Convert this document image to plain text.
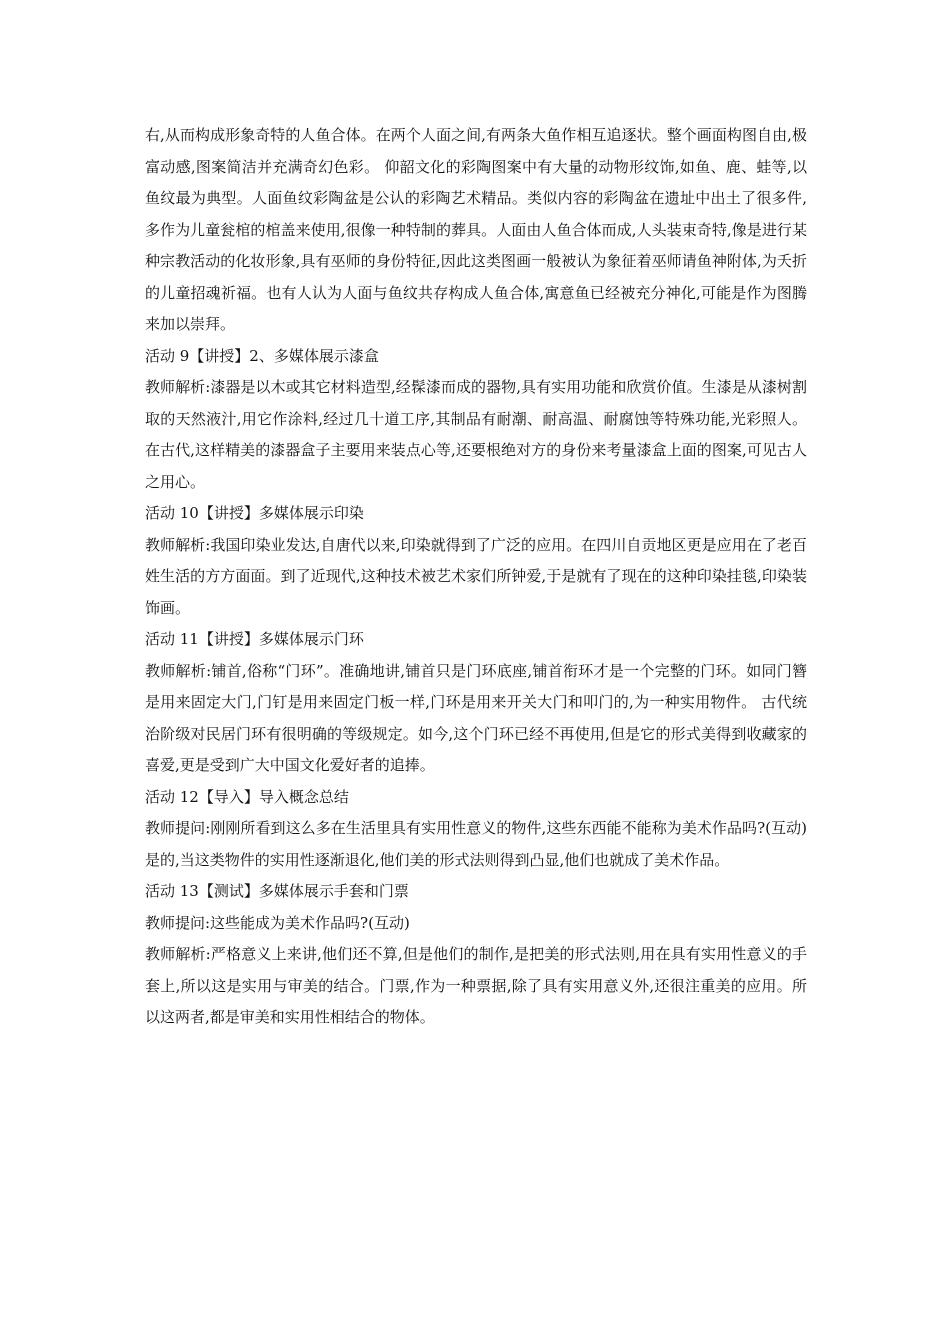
右,从而构成形象奇特的人鱼合体。在两个人面之间,有两条大鱼作相互追逐状。整个画面构图自由,极富动感,图案简洁并充满奇幻色彩。 仰韶文化的彩陶图案中有大量的动物形纹饰,如鱼、鹿、蛙等,以鱼纹最为典型。人面鱼纹彩陶盆是公认的彩陶艺术精品。类似内容的彩陶盆在遗址中出土了很多件,多作为儿童瓮棺的棺盖来使用,很像一种特制的葬具。人面由人鱼合体而成,人头装束奇特,像是进行某种宗教活动的化妆形象,具有巫师的身份特征,因此这类图画一般被认为象征着巫师请鱼神附体,为夭折的儿童招魂祈福。也有人认为人面与鱼纹共存构成人鱼合体,寓意鱼已经被充分神化,可能是作为图腾来加以崇拜。

活动 9【讲授】2、多媒体展示漆盒

教师解析:漆器是以木或其它材料造型,经髹漆而成的器物,具有实用功能和欣赏价值。生漆是从漆树割取的天然液汁,用它作涂料,经过几十道工序,其制品有耐潮、耐高温、耐腐蚀等特殊功能,光彩照人。在古代,这样精美的漆器盒子主要用来装点心等,还要根绝对方的身份来考量漆盒上面的图案,可见古人之用心。

活动 10【讲授】多媒体展示印染

教师解析:我国印染业发达,自唐代以来,印染就得到了广泛的应用。在四川自贡地区更是应用在了老百姓生活的方方面面。到了近现代,这种技术被艺术家们所钟爱,于是就有了现在的这种印染挂毯,印染装饰画。

活动 11【讲授】多媒体展示门环

教师解析:铺首,俗称“门环”。准确地讲,铺首只是门环底座,铺首衔环才是一个完整的门环。如同门簪是用来固定大门,门钉是用来固定门板一样,门环是用来开关大门和叩门的,为一种实用物件。 古代统治阶级对民居门环有很明确的等级规定。如今,这个门环已经不再使用,但是它的形式美得到收藏家的喜爱,更是受到广大中国文化爱好者的追捧。

活动 12【导入】导入概念总结

教师提问:刚刚所看到这么多在生活里具有实用性意义的物件,这些东西能不能称为美术作品吗?(互动)是的,当这类物件的实用性逐渐退化,他们美的形式法则得到凸显,他们也就成了美术作品。

活动 13【测试】多媒体展示手套和门票

教师提问:这些能成为美术作品吗?(互动)

教师解析:严格意义上来讲,他们还不算,但是他们的制作,是把美的形式法则,用在具有实用性意义的手套上,所以这是实用与审美的结合。门票,作为一种票据,除了具有实用意义外,还很注重美的应用。所以这两者,都是审美和实用性相结合的物体。
